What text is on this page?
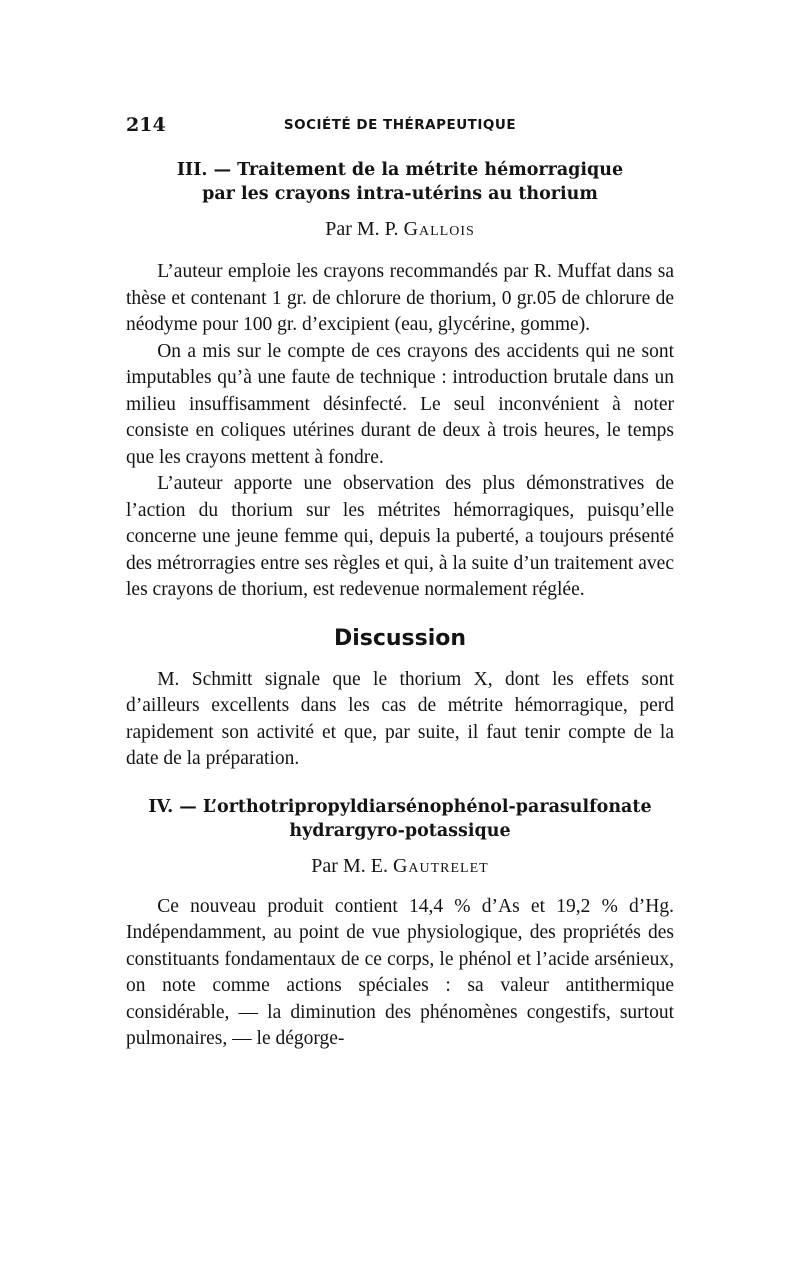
214	SOCIÉTÉ DE THÉRAPEUTIQUE

III. — Traitement de la métrite hémorragique

par les crayons intra-utérins au thorium

Par M. P. Gallois

L’auteur emploie les crayons recommandés par R. Muffat dans sa thèse et contenant 1 gr. de chlorure de thorium, 0 gr.05 de chlorure de néodyme pour 100 gr. d’excipient (eau, glycérine, gomme).

On a mis sur le compte de ces crayons des accidents qui ne sont imputables qu’à une faute de technique : introduction brutale dans un milieu insuffisamment désinfecté. Le seul inconvénient à noter consiste en coliques utérines durant de deux à trois heures, le temps que les crayons mettent à fondre.

L’auteur apporte une observation des plus démonstratives de l’action du thorium sur les métrites hémorragiques, puisqu’elle concerne une jeune femme qui, depuis la puberté, a toujours présenté des métrorragies entre ses règles et qui, à la suite d’un traitement avec les crayons de thorium, est redevenue normalement réglée.

Discussion

M. Schmitt signale que le thorium X, dont les effets sont d’ailleurs excellents dans les cas de métrite hémorragique, perd rapidement son activité et que, par suite, il faut tenir compte de la date de la préparation.

IV. — L’orthotripropyldiarsénophénol-parasulfonate

hydrargyro-potassique

Par M. E. Gautrelet

Ce nouveau produit contient 14,4 % d’As et 19,2 % d’Hg. Indépendamment, au point de vue physiologique, des propriétés des constituants fondamentaux de ce corps, le phénol et l’acide arsénieux, on note comme actions spéciales : sa valeur antithermique considérable, — la diminution des phénomènes congestifs, surtout pulmonaires, — le dégorge-
